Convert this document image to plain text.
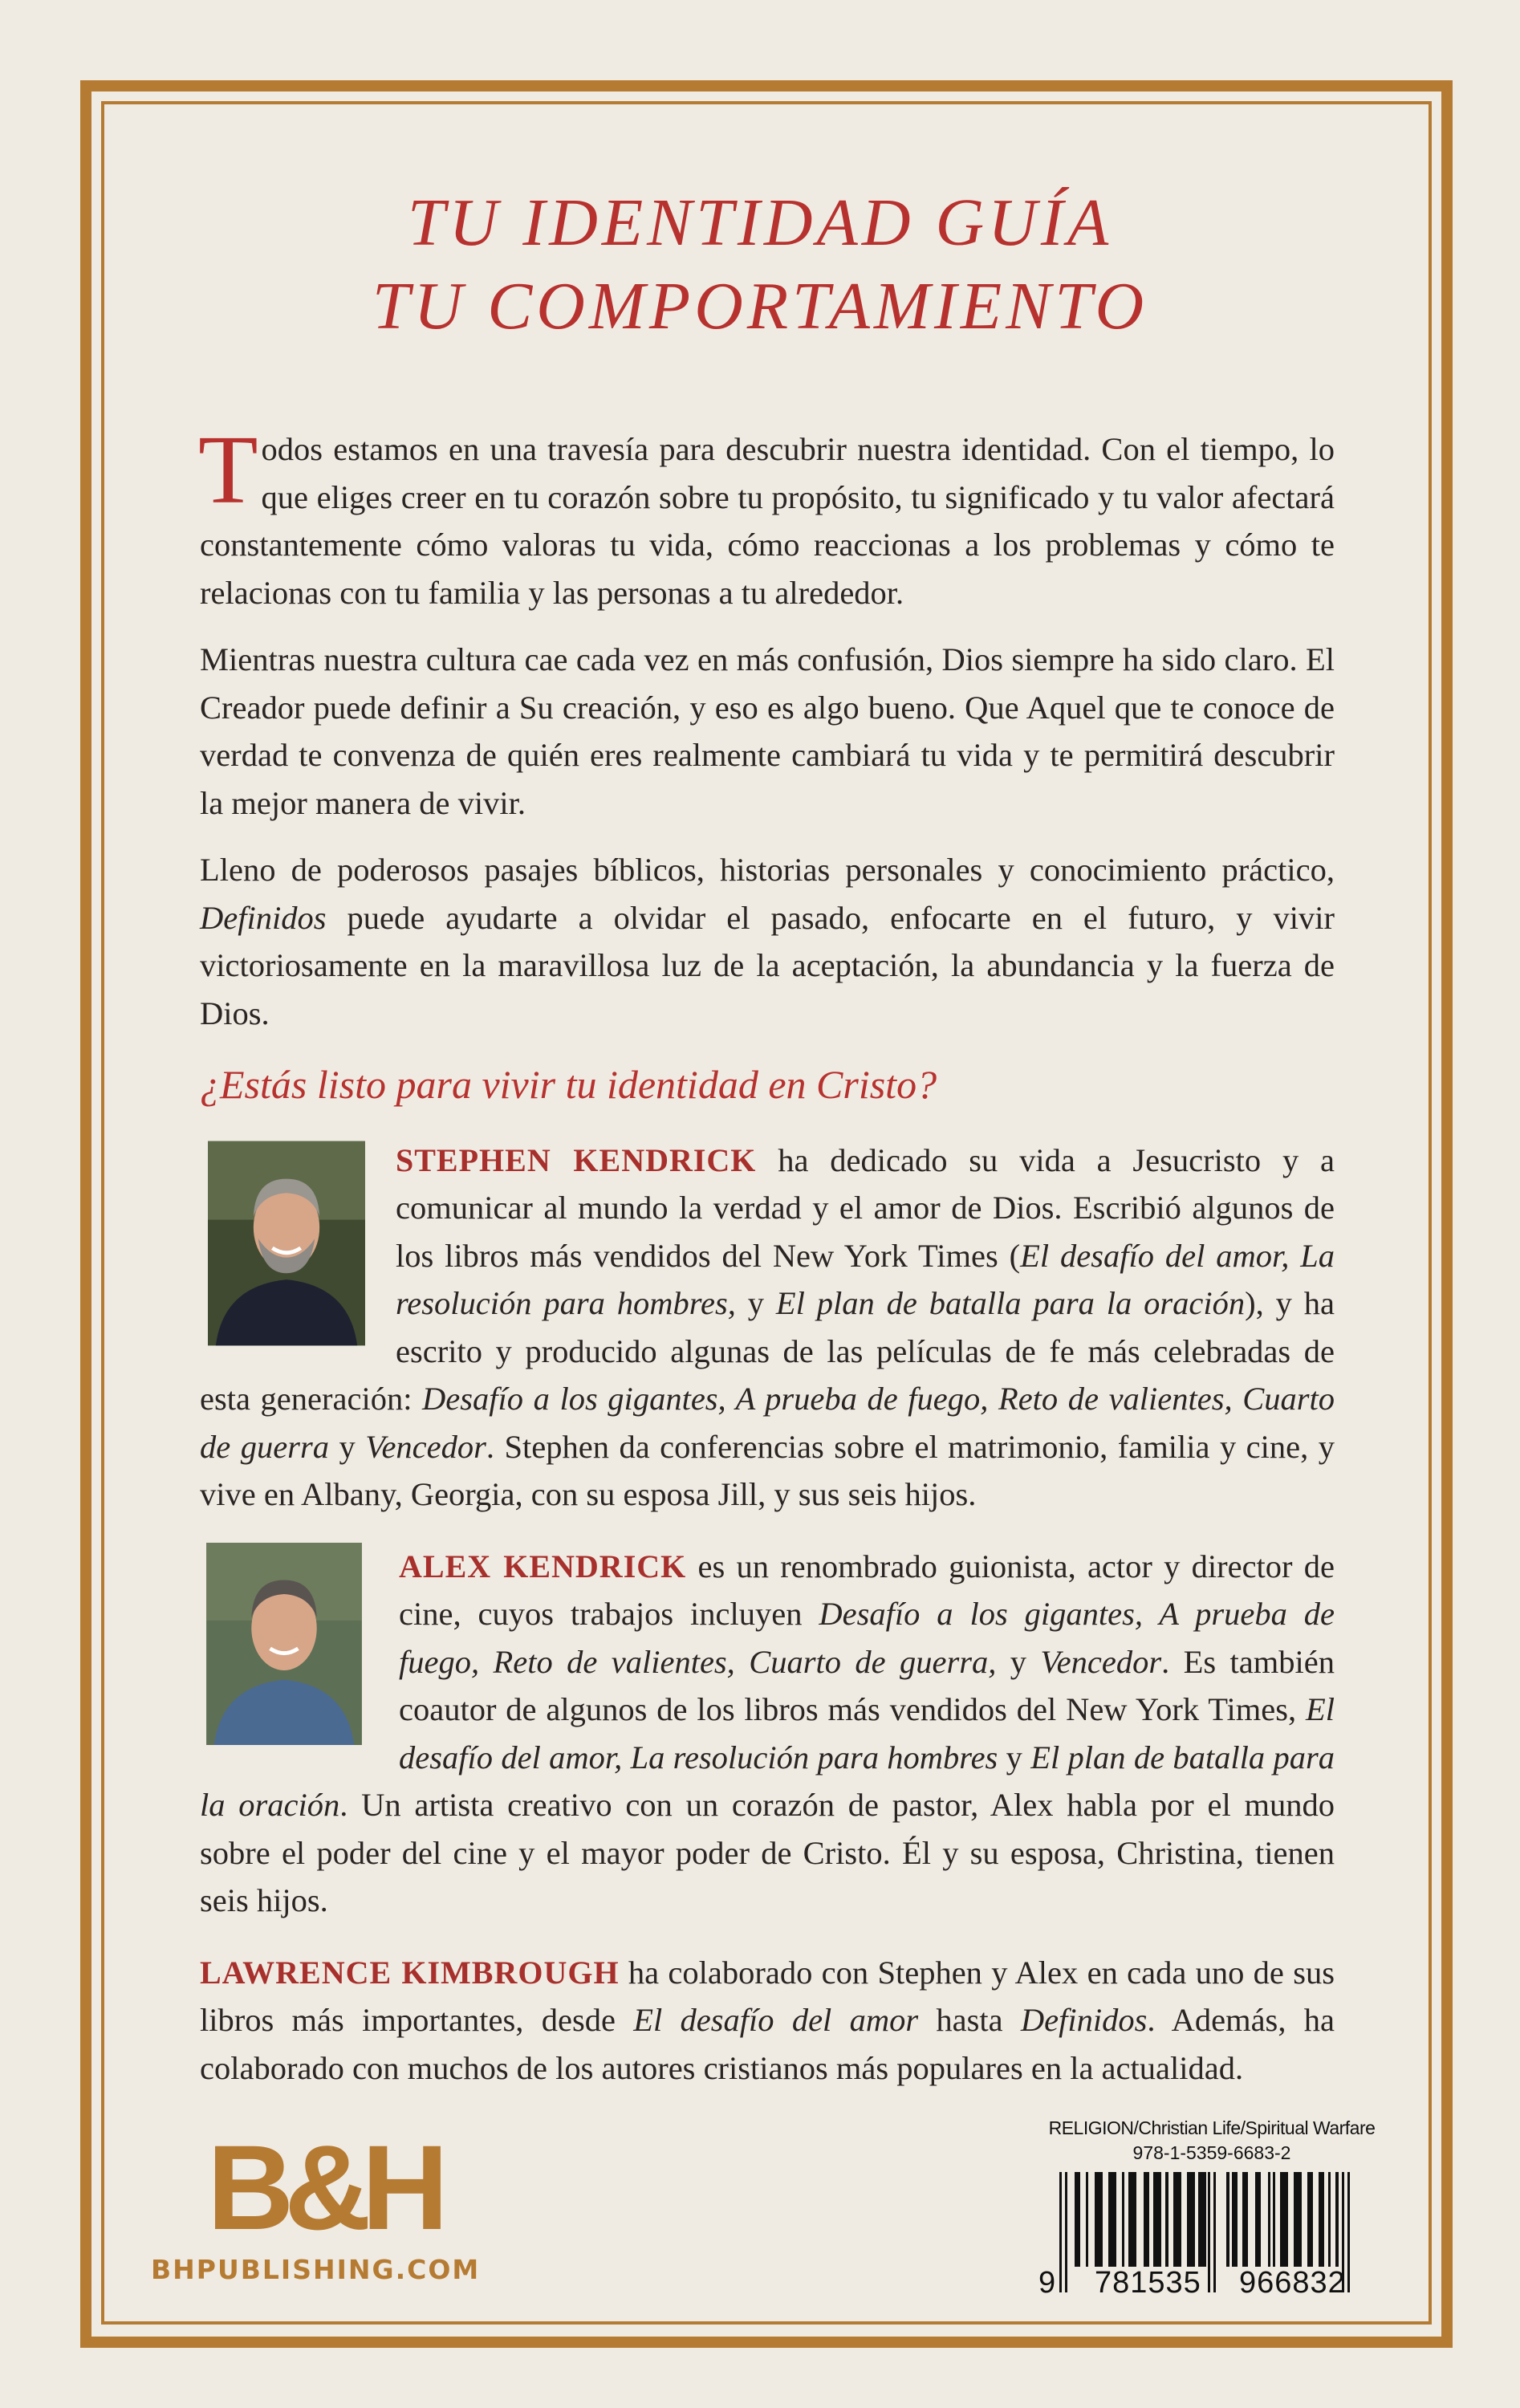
TU IDENTIDAD GUÍA
TU COMPORTAMIENTO

Todos estamos en una travesía para descubrir nuestra identidad. Con el tiempo, lo que eliges creer en tu corazón sobre tu propósito, tu significado y tu valor afectará constantemente cómo valoras tu vida, cómo reaccionas a los problemas y cómo te relacionas con tu familia y las personas a tu alrededor.

Mientras nuestra cultura cae cada vez en más confusión, Dios siempre ha sido claro. El Creador puede definir a Su creación, y eso es algo bueno. Que Aquel que te conoce de verdad te convenza de quién eres realmente cambiará tu vida y te permitirá descubrir la mejor manera de vivir.

Lleno de poderosos pasajes bíblicos, historias personales y conocimiento práctico, Definidos puede ayudarte a olvidar el pasado, enfocarte en el futuro, y vivir victoriosamente en la maravillosa luz de la aceptación, la abundancia y la fuerza de Dios.

¿Estás listo para vivir tu identidad en Cristo?

STEPHEN KENDRICK ha dedicado su vida a Jesucristo y a comunicar al mundo la verdad y el amor de Dios. Escribió algunos de los libros más vendidos del New York Times (El desafío del amor, La resolución para hombres, y El plan de batalla para la oración), y ha escrito y producido algunas de las películas de fe más celebradas de esta generación: Desafío a los gigantes, A prueba de fuego, Reto de valientes, Cuarto de guerra y Vencedor. Stephen da conferencias sobre el matrimonio, familia y cine, y vive en Albany, Georgia, con su esposa Jill, y sus seis hijos.

ALEX KENDRICK es un renombrado guionista, actor y director de cine, cuyos trabajos incluyen Desafío a los gigantes, A prueba de fuego, Reto de valientes, Cuarto de guerra, y Vencedor. Es también coautor de algunos de los libros más vendidos del New York Times, El desafío del amor, La resolución para hombres y El plan de batalla para la oración. Un artista creativo con un corazón de pastor, Alex habla por el mundo sobre el poder del cine y el mayor poder de Cristo. Él y su esposa, Christina, tienen seis hijos.

LAWRENCE KIMBROUGH ha colaborado con Stephen y Alex en cada uno de sus libros más importantes, desde El desafío del amor hasta Definidos. Además, ha colaborado con muchos de los autores cristianos más populares en la actualidad.

B&H
BHPUBLISHING.COM
RELIGION/Christian Life/Spiritual Warfare
978-1-5359-6683-2
9 781535 966832
